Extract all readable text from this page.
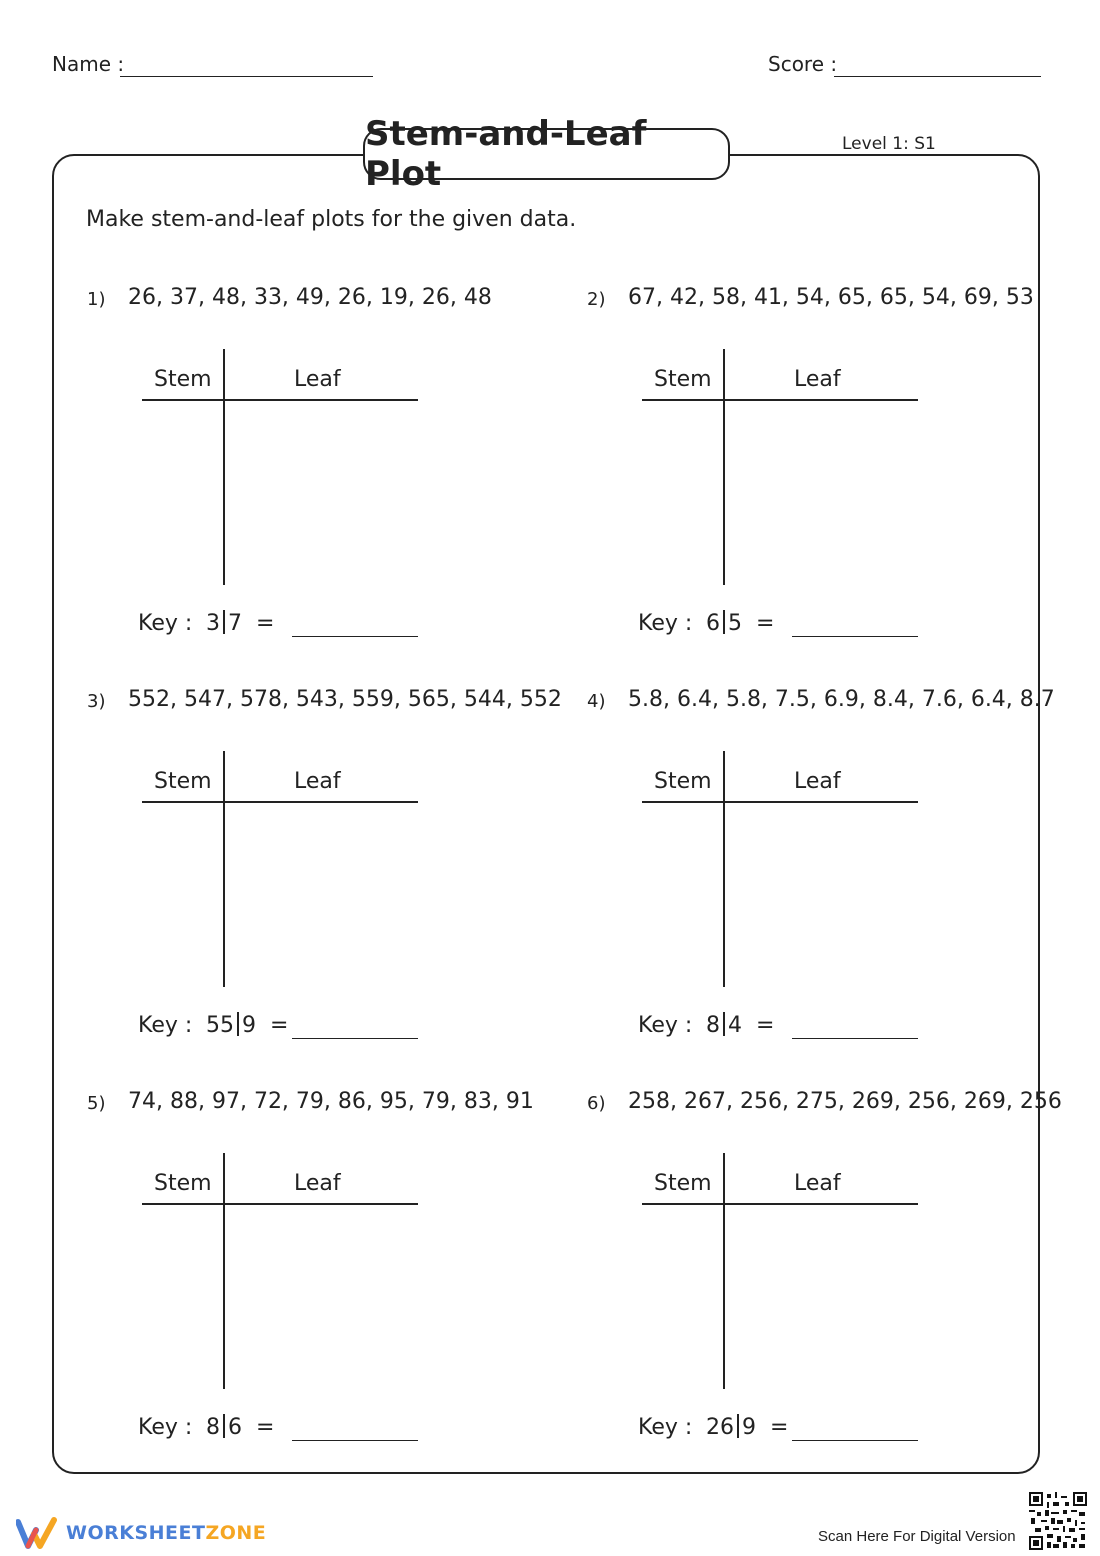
Name :	Score :
Stem-and-Leaf Plot
Level 1: S1
Make stem-and-leaf plots for the given data.
1) 26, 37, 48, 33, 49, 26, 19, 26, 48
Stem	Leaf
Key : 3 7 =
2) 67, 42, 58, 41, 54, 65, 65, 54, 69, 53
Stem	Leaf
Key : 6 5 =
3) 552, 547, 578, 543, 559, 565, 544, 552
Stem	Leaf
Key : 55 9 =
4) 5.8, 6.4, 5.8, 7.5, 6.9, 8.4, 7.6, 6.4, 8.7
Stem	Leaf
Key : 8 4 =
5) 74, 88, 97, 72, 79, 86, 95, 79, 83, 91
Stem	Leaf
Key : 8 6 =
6) 258, 267, 256, 275, 269, 256, 269, 256
Stem	Leaf
Key : 26 9 =
WORKSHEETZONE	Scan Here For Digital Version
